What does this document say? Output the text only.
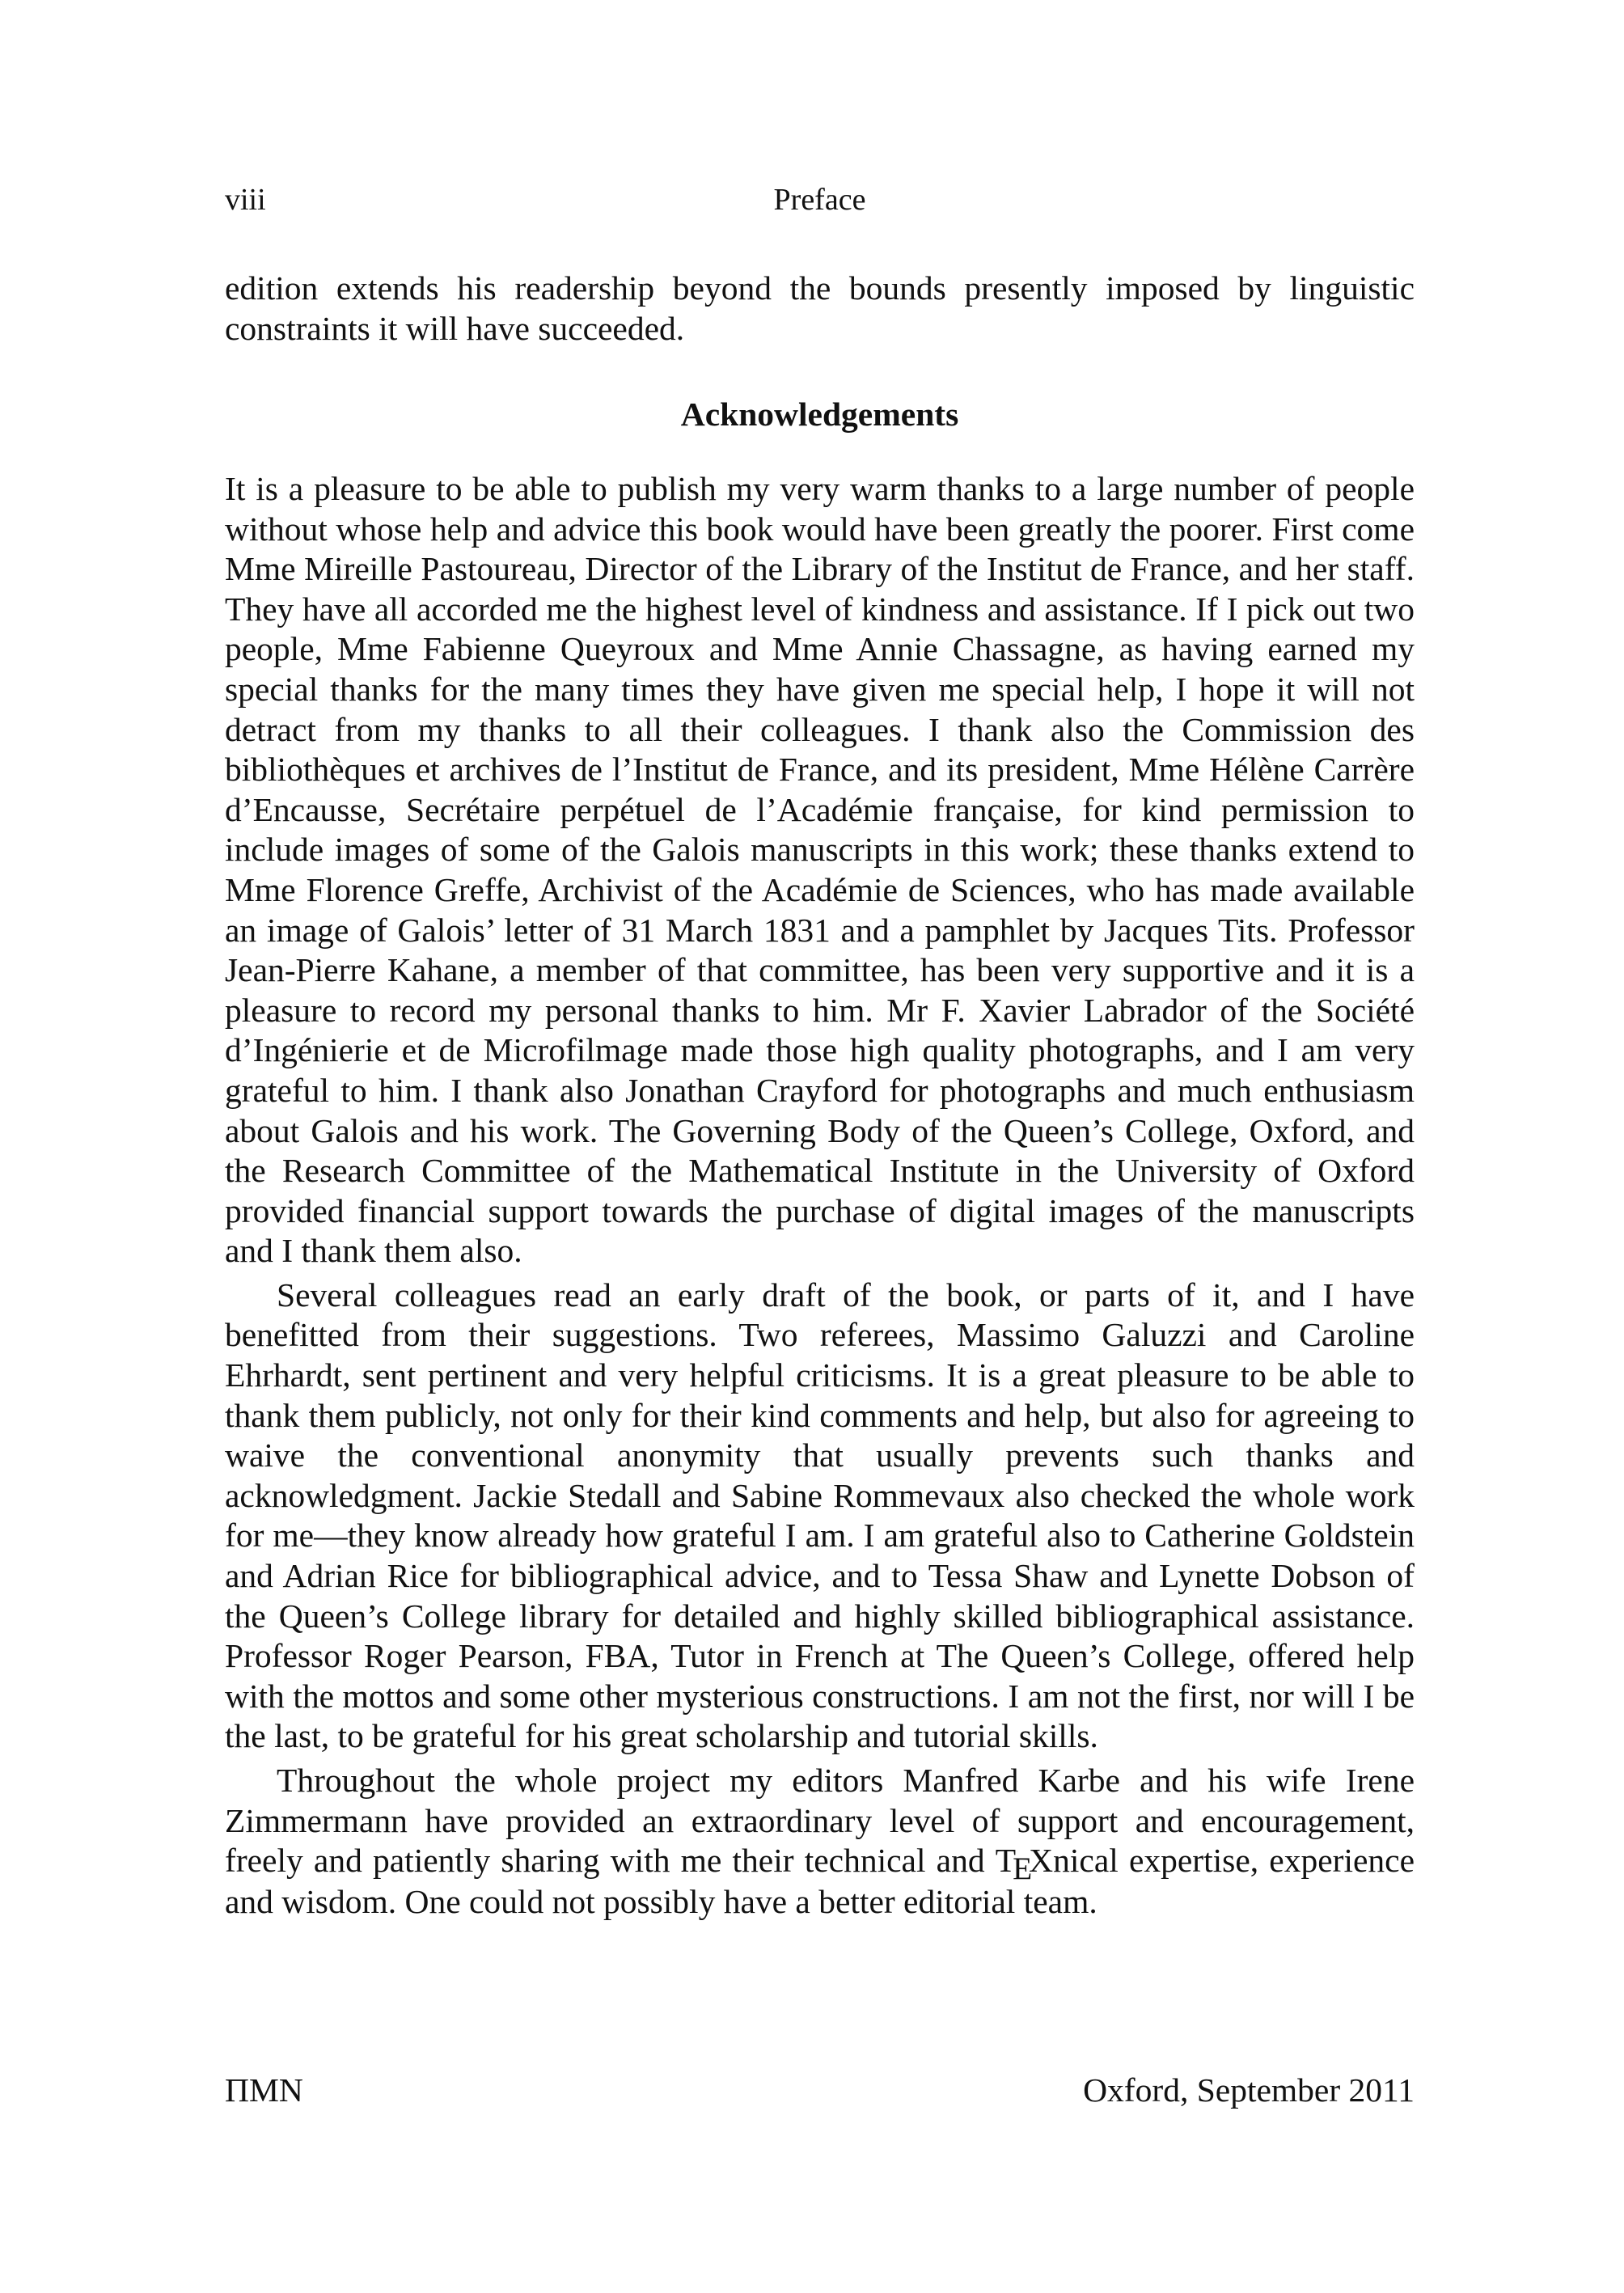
viii	Preface

edition extends his readership beyond the bounds presently imposed by linguistic constraints it will have succeeded.

Acknowledgements

It is a pleasure to be able to publish my very warm thanks to a large number of people without whose help and advice this book would have been greatly the poorer. First come Mme Mireille Pastoureau, Director of the Library of the Institut de France, and her staff. They have all accorded me the highest level of kindness and assistance. If I pick out two people, Mme Fabienne Queyroux and Mme Annie Chassagne, as having earned my special thanks for the many times they have given me special help, I hope it will not detract from my thanks to all their colleagues. I thank also the Commission des bibliothèques et archives de l’Institut de France, and its president, Mme Hélène Carrère d’Encausse, Secrétaire perpétuel de l’Académie française, for kind permission to include images of some of the Galois manuscripts in this work; these thanks extend to Mme Florence Greffe, Archivist of the Académie de Sciences, who has made available an image of Galois’ letter of 31 March 1831 and a pamphlet by Jacques Tits. Professor Jean-Pierre Kahane, a member of that committee, has been very supportive and it is a pleasure to record my personal thanks to him. Mr F. Xavier Labrador of the Société d’Ingénierie et de Microfilmage made those high quality photographs, and I am very grateful to him. I thank also Jonathan Crayford for photographs and much enthusiasm about Galois and his work. The Governing Body of the Queen’s College, Oxford, and the Research Committee of the Mathematical Institute in the University of Oxford provided financial support towards the purchase of digital images of the manuscripts and I thank them also.

Several colleagues read an early draft of the book, or parts of it, and I have benefitted from their suggestions. Two referees, Massimo Galuzzi and Caroline Ehrhardt, sent pertinent and very helpful criticisms. It is a great pleasure to be able to thank them publicly, not only for their kind comments and help, but also for agreeing to waive the conventional anonymity that usually prevents such thanks and acknowledgment. Jackie Stedall and Sabine Rommevaux also checked the whole work for me—they know already how grateful I am. I am grateful also to Catherine Goldstein and Adrian Rice for bibliographical advice, and to Tessa Shaw and Lynette Dobson of the Queen’s College library for detailed and highly skilled bibliographical assistance. Professor Roger Pearson, FBA, Tutor in French at The Queen’s College, offered help with the mottos and some other mysterious constructions. I am not the first, nor will I be the last, to be grateful for his great scholarship and tutorial skills.

Throughout the whole project my editors Manfred Karbe and his wife Irene Zimmermann have provided an extraordinary level of support and encouragement, freely and patiently sharing with me their technical and TEXnical expertise, experience and wisdom. One could not possibly have a better editorial team.

ΠMN	Oxford, September 2011
